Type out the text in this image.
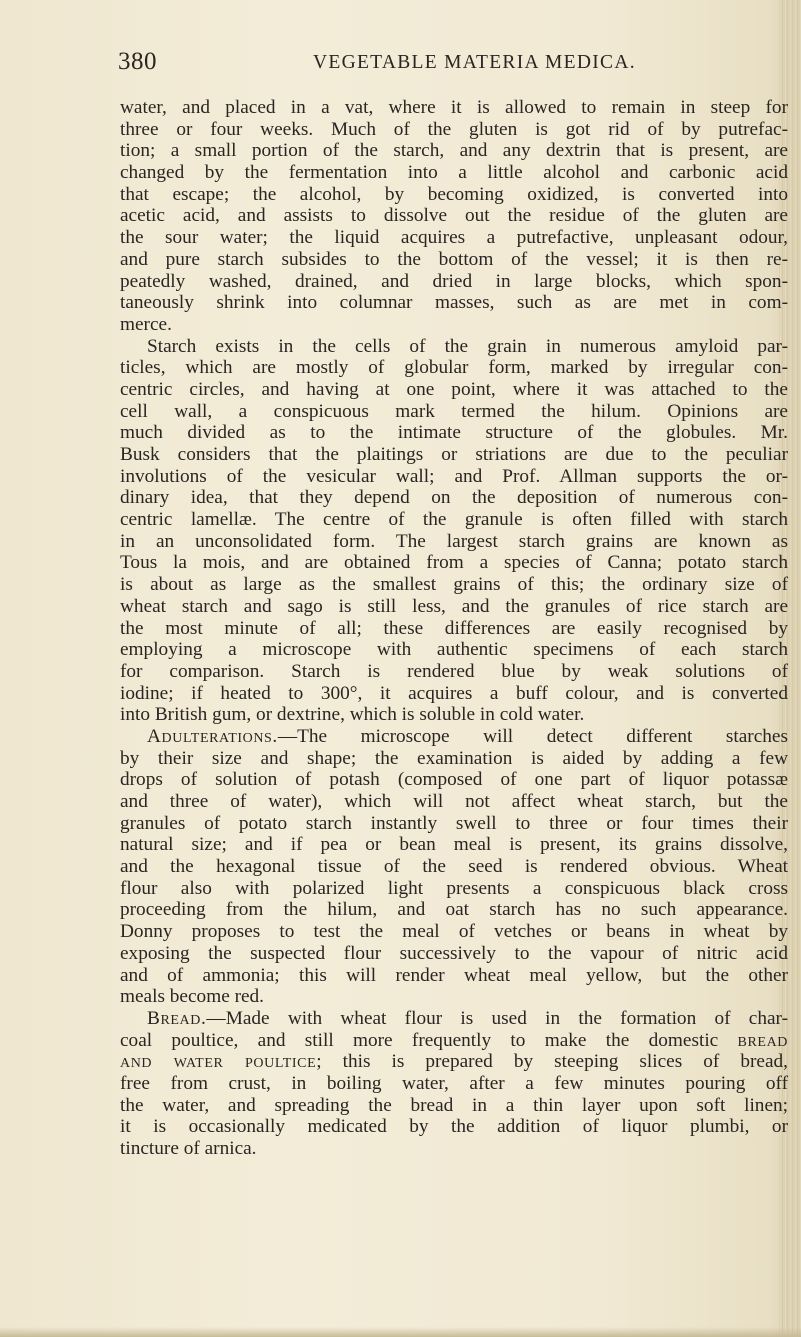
380	VEGETABLE MATERIA MEDICA.
water, and placed in a vat, where it is allowed to remain in steep for
three or four weeks. Much of the gluten is got rid of by putrefac-
tion; a small portion of the starch, and any dextrin that is present, are
changed by the fermentation into a little alcohol and carbonic acid
that escape; the alcohol, by becoming oxidized, is converted into
acetic acid, and assists to dissolve out the residue of the gluten are
the sour water; the liquid acquires a putrefactive, unpleasant odour,
and pure starch subsides to the bottom of the vessel; it is then re-
peatedly washed, drained, and dried in large blocks, which spon-
taneously shrink into columnar masses, such as are met in com-
merce.
Starch exists in the cells of the grain in numerous amyloid par-
ticles, which are mostly of globular form, marked by irregular con-
centric circles, and having at one point, where it was attached to the
cell wall, a conspicuous mark termed the hilum. Opinions are
much divided as to the intimate structure of the globules. Mr.
Busk considers that the plaitings or striations are due to the peculiar
involutions of the vesicular wall; and Prof. Allman supports the or-
dinary idea, that they depend on the deposition of numerous con-
centric lamellæ. The centre of the granule is often filled with starch
in an unconsolidated form. The largest starch grains are known as
Tous la mois, and are obtained from a species of Canna; potato starch
is about as large as the smallest grains of this; the ordinary size of
wheat starch and sago is still less, and the granules of rice starch are
the most minute of all; these differences are easily recognised by
employing a microscope with authentic specimens of each starch
for comparison. Starch is rendered blue by weak solutions of
iodine; if heated to 300°, it acquires a buff colour, and is converted
into British gum, or dextrine, which is soluble in cold water.
Adulterations.—The microscope will detect different starches
by their size and shape; the examination is aided by adding a few
drops of solution of potash (composed of one part of liquor potassæ
and three of water), which will not affect wheat starch, but the
granules of potato starch instantly swell to three or four times their
natural size; and if pea or bean meal is present, its grains dissolve,
and the hexagonal tissue of the seed is rendered obvious. Wheat
flour also with polarized light presents a conspicuous black cross
proceeding from the hilum, and oat starch has no such appearance.
Donny proposes to test the meal of vetches or beans in wheat by
exposing the suspected flour successively to the vapour of nitric acid
and of ammonia; this will render wheat meal yellow, but the other
meals become red.
Bread.—Made with wheat flour is used in the formation of char-
coal poultice, and still more frequently to make the domestic bread
and water poultice; this is prepared by steeping slices of bread,
free from crust, in boiling water, after a few minutes pouring off
the water, and spreading the bread in a thin layer upon soft linen;
it is occasionally medicated by the addition of liquor plumbi, or
tincture of arnica.
